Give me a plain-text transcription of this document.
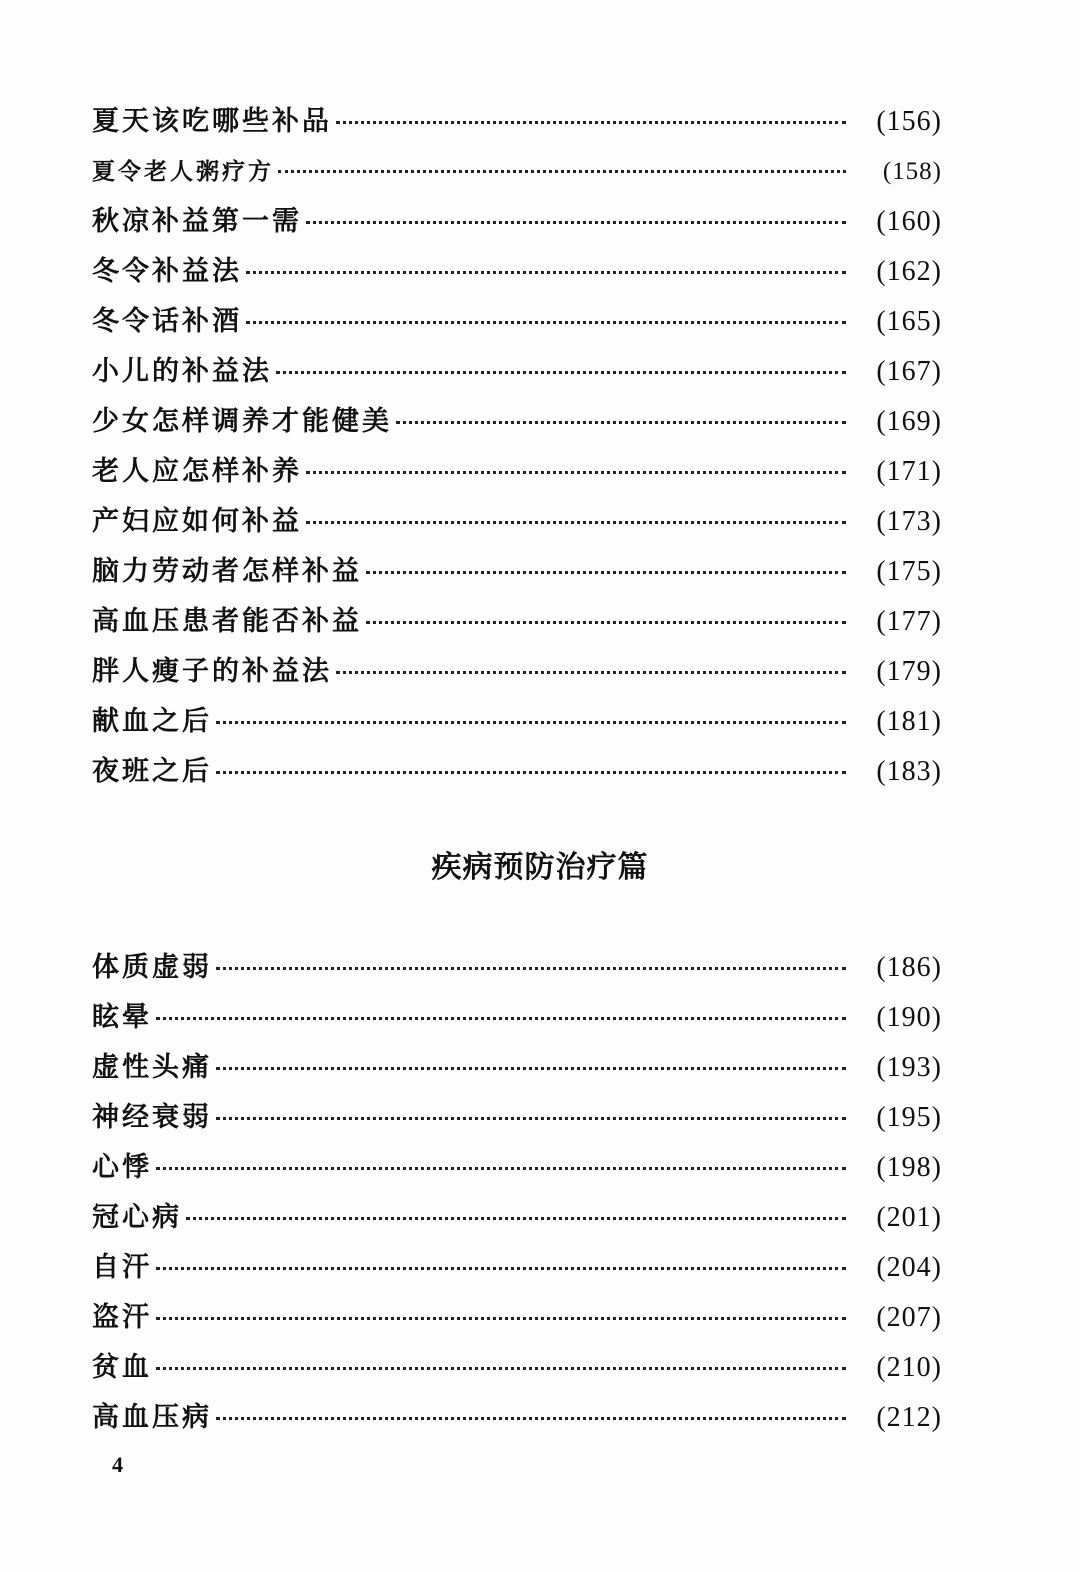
夏天该吃哪些补品	(156)
夏令老人粥疗方	(158)
秋凉补益第一需	(160)
冬令补益法	(162)
冬令话补酒	(165)
小儿的补益法	(167)
少女怎样调养才能健美	(169)
老人应怎样补养	(171)
产妇应如何补益	(173)
脑力劳动者怎样补益	(175)
高血压患者能否补益	(177)
胖人瘦子的补益法	(179)
献血之后	(181)
夜班之后	(183)
疾病预防治疗篇
体质虚弱	(186)
眩晕	(190)
虚性头痛	(193)
神经衰弱	(195)
心悸	(198)
冠心病	(201)
自汗	(204)
盗汗	(207)
贫血	(210)
高血压病	(212)
4
